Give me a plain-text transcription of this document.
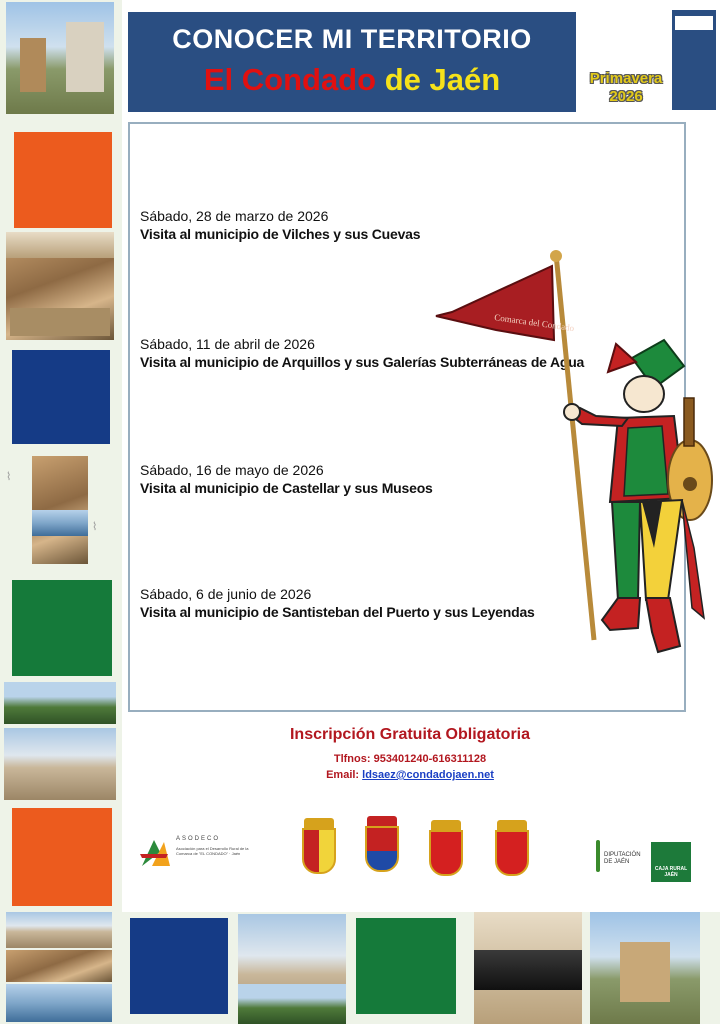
⌇
⌇
CONOCER MI TERRITORIO
El Condado de Jaén	Primavera
2026
Sábado, 28 de marzo de 2026
Visita al municipio de Vilches y sus Cuevas
Sábado, 11 de abril de 2026
Visita al municipio de Arquillos y sus Galerías Subterráneas de Agua
Sábado, 16 de mayo de 2026
Visita al municipio de Castellar y sus Museos
Sábado, 6 de junio de 2026
Visita al municipio de Santisteban del Puerto y sus Leyendas
Comarca del Condado
Inscripción Gratuita Obligatoria
Tlfnos: 953401240-616311128
Email: ldsaez@condadojaen.net
ASODECO
Asociación para el Desarrollo Rural de la Comarca de "EL CONDADO" · Jaén	DIPUTACIÓN DE JAÉN
CAJA RURAL JAÉN
